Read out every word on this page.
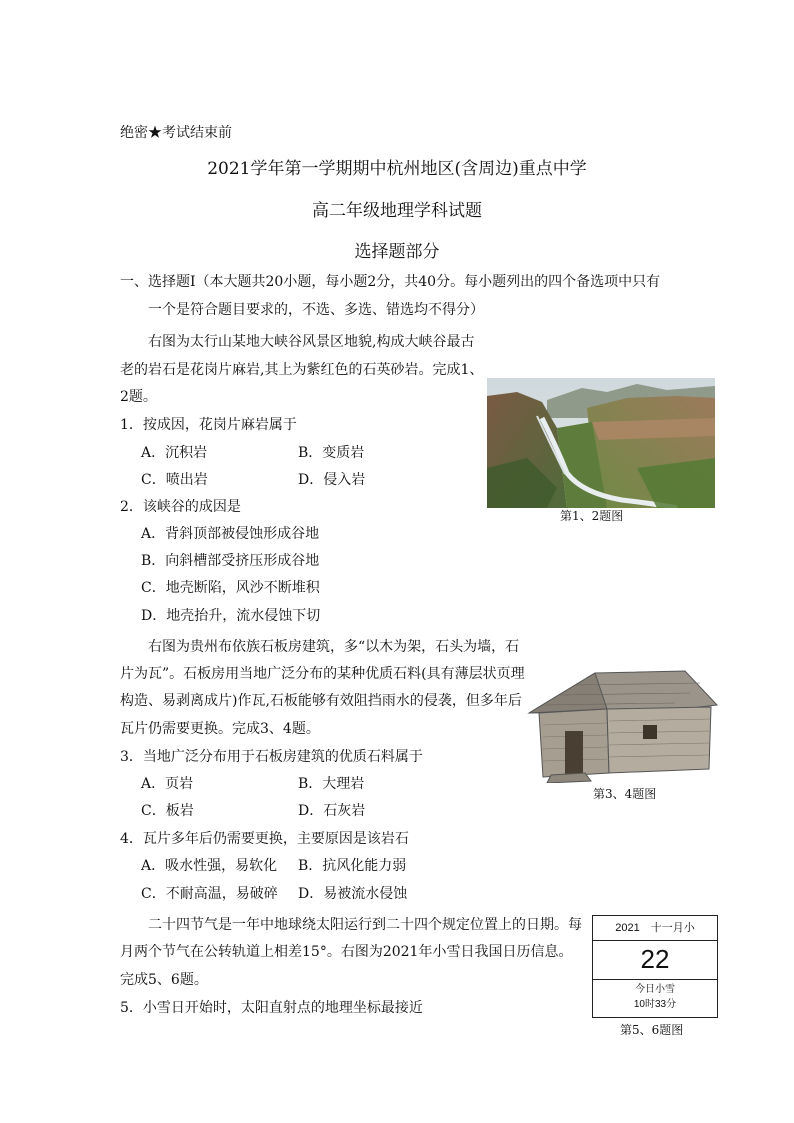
绝密★考试结束前
2021学年第一学期期中杭州地区(含周边)重点中学
高二年级地理学科试题
选择题部分
一、选择题Ⅰ（本大题共20小题，每小题2分，共40分。每小题列出的四个备选项中只有
一个是符合题目要求的，不选、多选、错选均不得分）
右图为太行山某地大峡谷风景区地貌,构成大峡谷最古
老的岩石是花岗片麻岩,其上为紫红色的石英砂岩。完成1、
2题。
第1、2题图
1．按成因，花岗片麻岩属于
A．沉积岩	B．变质岩
C．喷出岩	D．侵入岩
2．该峡谷的成因是
A．背斜顶部被侵蚀形成谷地
B．向斜槽部受挤压形成谷地
C．地壳断陷，风沙不断堆积
D．地壳抬升，流水侵蚀下切
右图为贵州布依族石板房建筑，多“以木为架，石头为墙，石
片为瓦”。石板房用当地广泛分布的某种优质石料(具有薄层状页理
构造、易剥离成片)作瓦,石板能够有效阻挡雨水的侵袭，但多年后
瓦片仍需要更换。完成3、4题。
第3、4题图
3．当地广泛分布用于石板房建筑的优质石料属于
A．页岩	B．大理岩
C．板岩	D．石灰岩
4．瓦片多年后仍需要更换，主要原因是该岩石
A．吸水性强，易软化 B．抗风化能力弱
C．不耐高温，易破碎 D．易被流水侵蚀
二十四节气是一年中地球绕太阳运行到二十四个规定位置上的日期。每
月两个节气在公转轨道上相差15°。右图为2021年小雪日我国日历信息。
完成5、6题。
5．小雪日开始时，太阳直射点的地理坐标最接近
2021　十一月小
22
今日小雪
10时33分
第5、6题图
